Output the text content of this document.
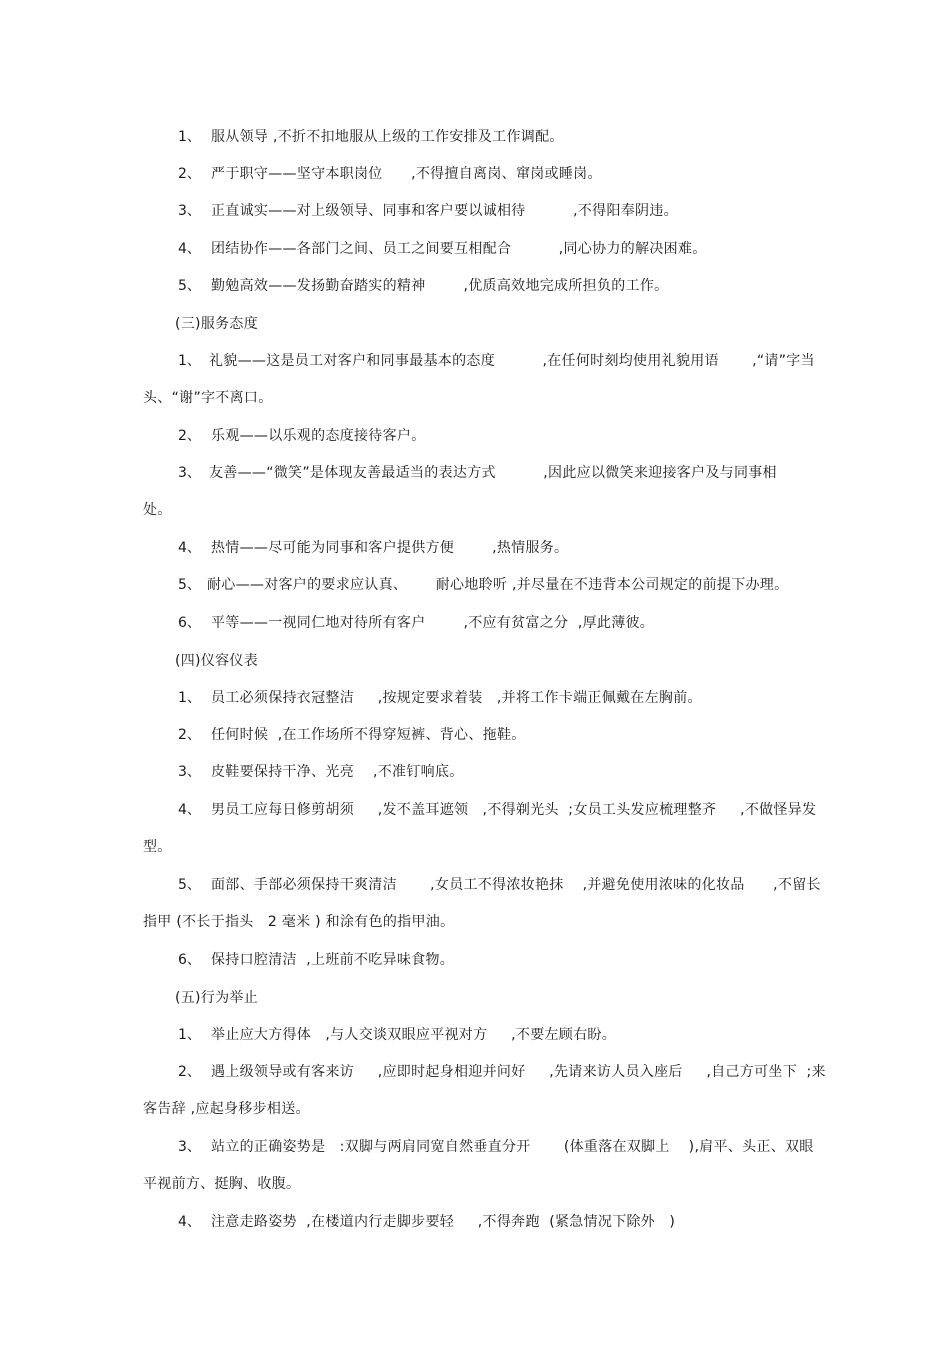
1、 服从领导 ,不折不扣地服从上级的工作安排及工作调配。
2、 严于职守——坚守本职岗位      ,不得擅自离岗、窜岗或睡岗。
3、 正直诚实——对上级领导、同事和客户要以诚相待          ,不得阳奉阴违。
4、 团结协作——各部门之间、员工之间要互相配合          ,同心协力的解决困难。
5、 勤勉高效——发扬勤奋踏实的精神        ,优质高效地完成所担负的工作。
(三)服务态度
1、 礼貌——这是员工对客户和同事最基本的态度          ,在任何时刻均使用礼貌用语       ,“请”字当
头、“谢”字不离口。
2、 乐观——以乐观的态度接待客户。
3、 友善——“微笑”是体现友善最适当的表达方式          ,因此应以微笑来迎接客户及与同事相
处。
4、 热情——尽可能为同事和客户提供方便        ,热情服务。
5、 耐心——对客户的要求应认真、      耐心地聆听 ,并尽量在不违背本公司规定的前提下办理。
6、 平等——一视同仁地对待所有客户        ,不应有贫富之分  ,厚此薄彼。
(四)仪容仪表
1、 员工必须保持衣冠整洁     ,按规定要求着装   ,并将工作卡端正佩戴在左胸前。
2、 任何时候  ,在工作场所不得穿短裤、背心、拖鞋。
3、 皮鞋要保持干净、光亮    ,不准钉响底。
4、 男员工应每日修剪胡须     ,发不盖耳遮领   ,不得剃光头  ;女员工头发应梳理整齐     ,不做怪异发
型。
5、 面部、手部必须保持干爽清洁       ,女员工不得浓妆艳抹    ,并避免使用浓味的化妆品      ,不留长
指甲 (不长于指头   2 毫米 ) 和涂有色的指甲油。
6、 保持口腔清洁  ,上班前不吃异味食物。
(五)行为举止
1、 举止应大方得体   ,与人交谈双眼应平视对方     ,不要左顾右盼。
2、 遇上级领导或有客来访     ,应即时起身相迎并问好     ,先请来访人员入座后     ,自己方可坐下  ;来
客告辞 ,应起身移步相送。
3、 站立的正确姿势是   :双脚与两肩同宽自然垂直分开       (体重落在双脚上    ),肩平、头正、双眼
平视前方、挺胸、收腹。
4、 注意走路姿势  ,在楼道内行走脚步要轻     ,不得奔跑  (紧急情况下除外   )
